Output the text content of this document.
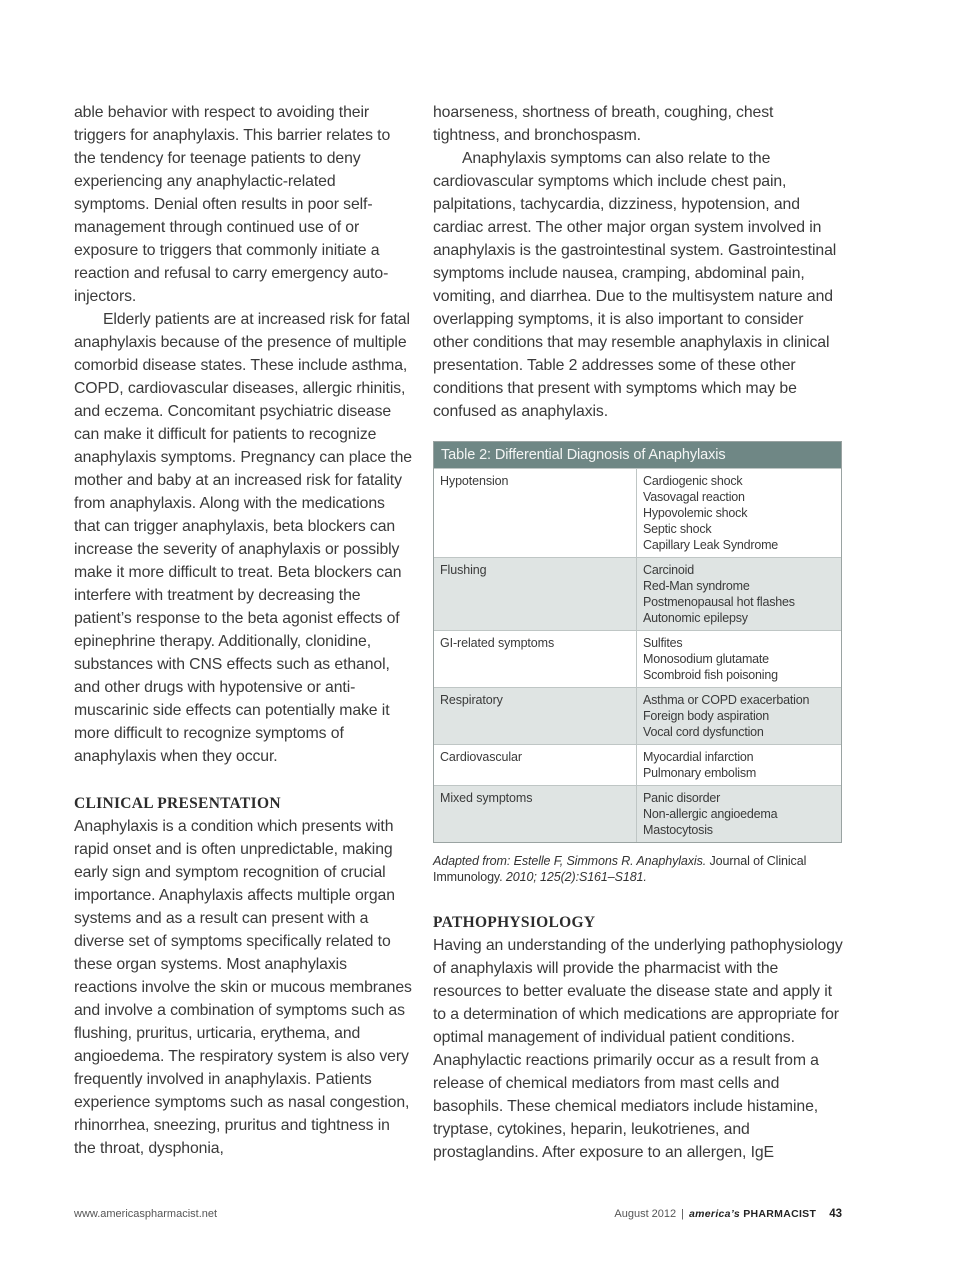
able behavior with respect to avoiding their triggers for anaphylaxis. This barrier relates to the tendency for teenage patients to deny experiencing any anaphylactic-related symptoms. Denial often results in poor self-management through continued use of or exposure to triggers that commonly initiate a reaction and refusal to carry emergency auto-injectors.

Elderly patients are at increased risk for fatal anaphylaxis because of the presence of multiple comorbid disease states. These include asthma, COPD, cardiovascular diseases, allergic rhinitis, and eczema. Concomitant psychiatric disease can make it difficult for patients to recognize anaphylaxis symptoms. Pregnancy can place the mother and baby at an increased risk for fatality from anaphylaxis. Along with the medications that can trigger anaphylaxis, beta blockers can increase the severity of anaphylaxis or possibly make it more difficult to treat. Beta blockers can interfere with treatment by decreasing the patient’s response to the beta agonist effects of epinephrine therapy. Additionally, clonidine, substances with CNS effects such as ethanol, and other drugs with hypotensive or anti-muscarinic side effects can potentially make it more difficult to recognize symptoms of anaphylaxis when they occur.

CLINICAL PRESENTATION

Anaphylaxis is a condition which presents with rapid onset and is often unpredictable, making early sign and symptom recognition of crucial importance. Anaphylaxis affects multiple organ systems and as a result can present with a diverse set of symptoms specifically related to these organ systems. Most anaphylaxis reactions involve the skin or mucous membranes and involve a combination of symptoms such as flushing, pruritus, urticaria, erythema, and angioedema. The respiratory system is also very frequently involved in anaphylaxis. Patients experience symptoms such as nasal congestion, rhinorrhea, sneezing, pruritus and tightness in the throat, dysphonia,

hoarseness, shortness of breath, coughing, chest tightness, and bronchospasm.

Anaphylaxis symptoms can also relate to the cardiovascular symptoms which include chest pain, palpitations, tachycardia, dizziness, hypotension, and cardiac arrest. The other major organ system involved in anaphylaxis is the gastrointestinal system. Gastrointestinal symptoms include nausea, cramping, abdominal pain, vomiting, and diarrhea. Due to the multisystem nature and overlapping symptoms, it is also important to consider other conditions that may resemble anaphylaxis in clinical presentation. Table 2 addresses some of these other conditions that present with symptoms which may be confused as anaphylaxis.

Table 2: Differential Diagnosis of Anaphylaxis
Hypotension	Cardiogenic shock
Vasovagal reaction
Hypovolemic shock
Septic shock
Capillary Leak Syndrome
Flushing	Carcinoid
Red-Man syndrome
Postmenopausal hot flashes
Autonomic epilepsy
GI-related symptoms	Sulfites
Monosodium glutamate
Scombroid fish poisoning
Respiratory	Asthma or COPD exacerbation
Foreign body aspiration
Vocal cord dysfunction
Cardiovascular	Myocardial infarction
Pulmonary embolism
Mixed symptoms	Panic disorder
Non-allergic angioedema
Mastocytosis
Adapted from: Estelle F, Simmons R. Anaphylaxis. Journal of Clinical Immunology. 2010; 125(2):S161–S181.
PATHOPHYSIOLOGY

Having an understanding of the underlying pathophysiology of anaphylaxis will provide the pharmacist with the resources to better evaluate the disease state and apply it to a determination of which medications are appropriate for optimal management of individual patient conditions. Anaphylactic reactions primarily occur as a result from a release of chemical mediators from mast cells and basophils. These chemical mediators include histamine, tryptase, cytokines, heparin, leukotrienes, and prostaglandins. After exposure to an allergen, IgE

www.americaspharmacist.net	August 2012 | america’s PHARMACIST 43
